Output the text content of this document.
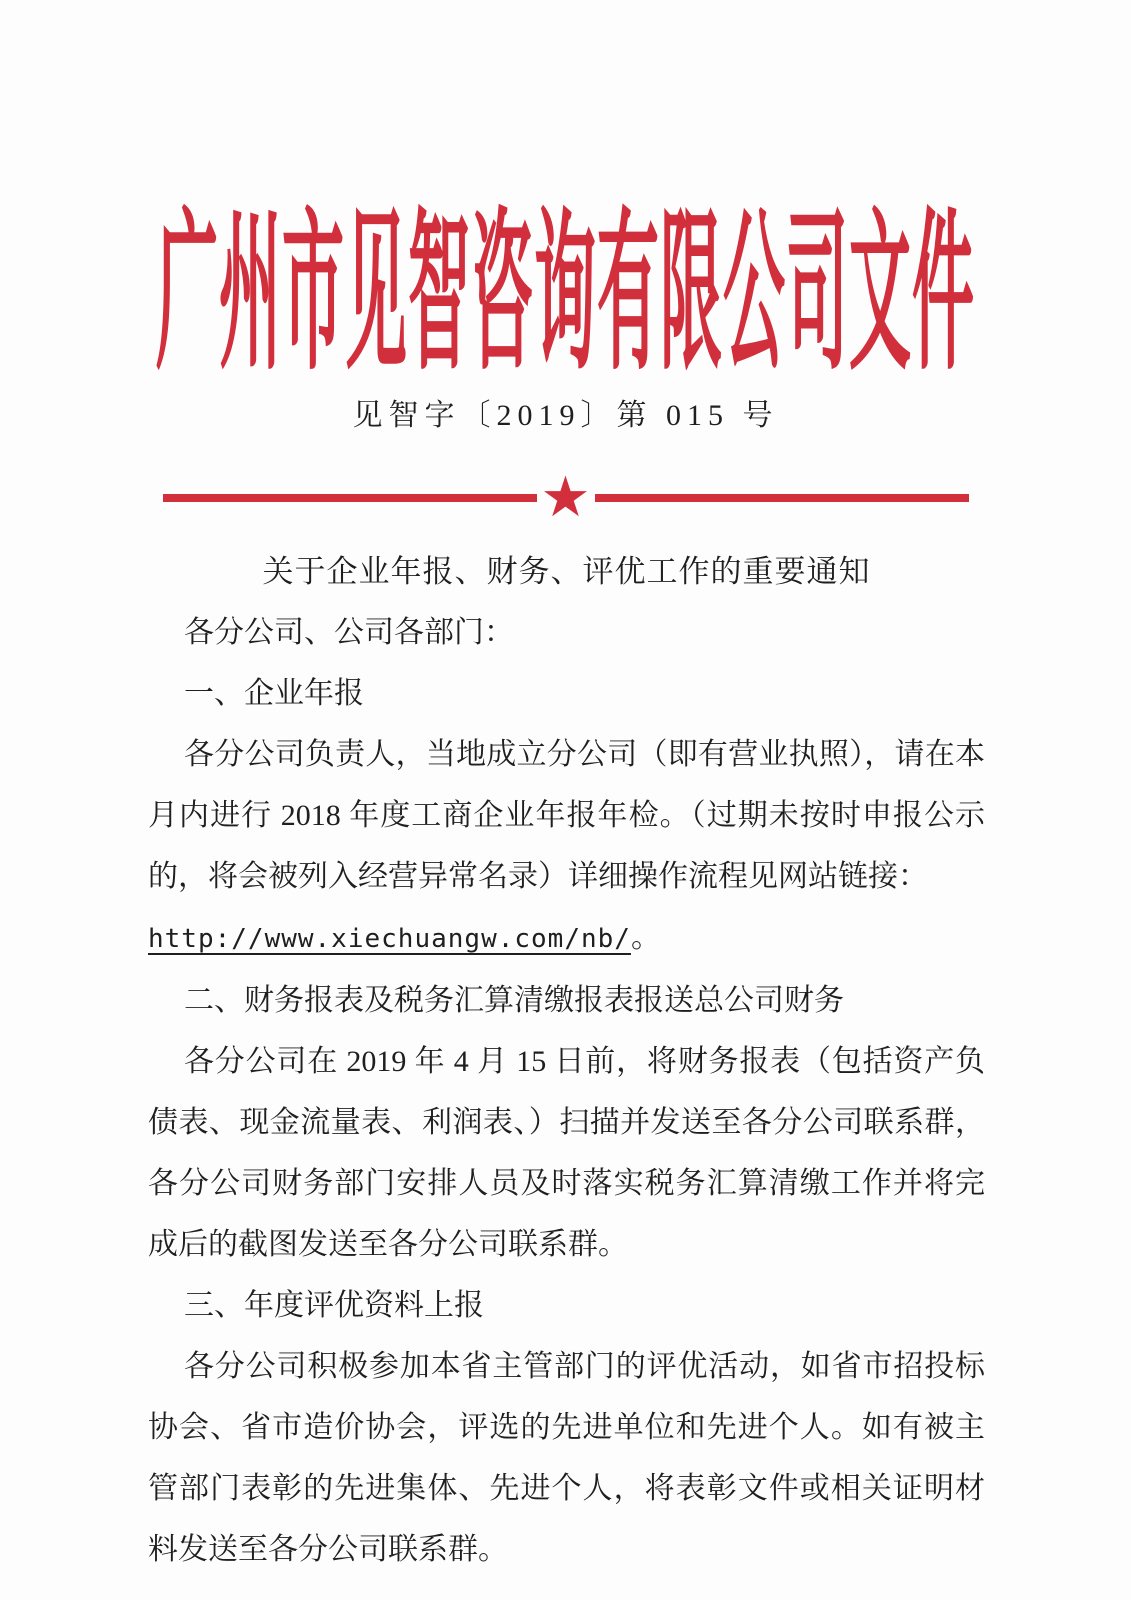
广州市见智咨询有限公司文件
见智字〔2019〕第 015 号
★
关于企业年报、财务、评优工作的重要通知

各分公司、公司各部门：

一、企业年报

各分公司负责人，当地成立分公司（即有营业执照），请在本月内进行 2018 年度工商企业年报年检。（过期未按时申报公示的，将会被列入经营异常名录）详细操作流程见网站链接：

http://www.xiechuangw.com/nb/。

二、财务报表及税务汇算清缴报表报送总公司财务

各分公司在 2019 年 4 月 15 日前，将财务报表（包括资产负债表、现金流量表、利润表、）扫描并发送至各分公司联系群，各分公司财务部门安排人员及时落实税务汇算清缴工作并将完成后的截图发送至各分公司联系群。

三、年度评优资料上报

各分公司积极参加本省主管部门的评优活动，如省市招投标协会、省市造价协会，评选的先进单位和先进个人。如有被主管部门表彰的先进集体、先进个人，将表彰文件或相关证明材料发送至各分公司联系群。
